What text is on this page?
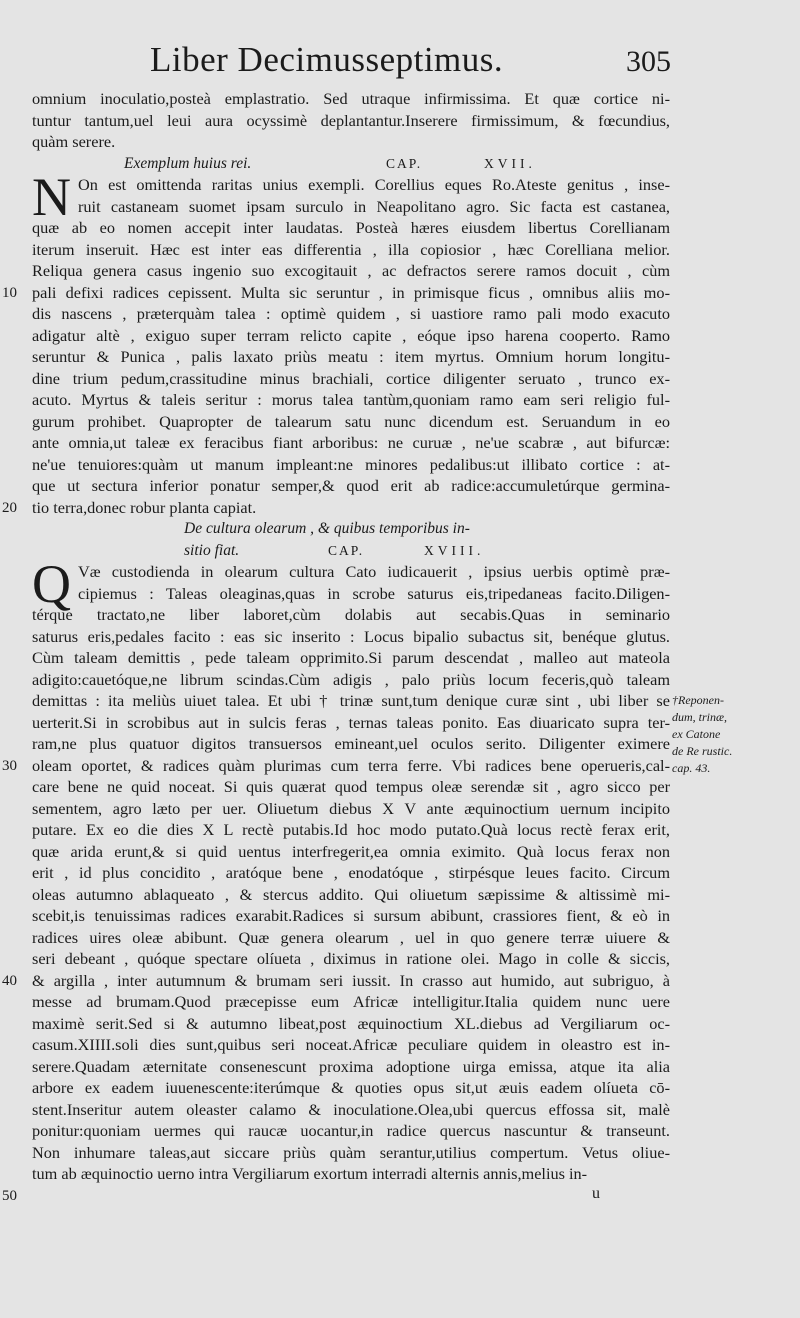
Liber Decimusseptimus.	305
omnium inoculatio,posteà emplastratio. Sed utraque infirmissima. Et quæ cortice ni-
tuntur tantum,uel leui aura ocyssimè deplantantur.Inserere firmissimum, & fœcundius,
quàm serere.
Exemplum huius rei.	CAP.	XVII.
N On est omittenda raritas unius exempli. Corellius eques Ro.Ateste genitus , inse-
ruit castaneam suomet ipsam surculo in Neapolitano agro. Sic facta est castanea,
quæ ab eo nomen accepit inter laudatas. Posteà hæres eiusdem libertus Corellianam
iterum inseruit. Hæc est inter eas differentia , illa copiosior , hæc Corelliana melior.
Reliqua genera casus ingenio suo excogitauit , ac defractos serere ramos docuit , cùm
pali defixi radices cepissent. Multa sic seruntur , in primisque ficus , omnibus aliis mo-
dis nascens , præterquàm talea : optimè quidem , si uastiore ramo pali modo exacuto
adigatur altè , exiguo super terram relicto capite , eóque ipso harena cooperto. Ramo
seruntur & Punica , palis laxato priùs meatu : item myrtus. Omnium horum longitu-
dine trium pedum,crassitudine minus brachiali, cortice diligenter seruato , trunco ex-
acuto. Myrtus & taleis seritur : morus talea tantùm,quoniam ramo eam seri religio ful-
gurum prohibet. Quapropter de talearum satu nunc dicendum est. Seruandum in eo
ante omnia,ut taleæ ex feracibus fiant arboribus: ne curuæ , ne'ue scabræ , aut bifurcæ:
ne'ue tenuiores:quàm ut manum impleant:ne minores pedalibus:ut illibato cortice : at-
que ut sectura inferior ponatur semper,& quod erit ab radice:accumuletúrque germina-
tio terra,donec robur planta capiat.
De cultura olearum , & quibus temporibus in-
sitio fiat.	CAP.	XVIII.
Q Væ custodienda in olearum cultura Cato iudicauerit , ipsius uerbis optimè præ-
cipiemus : Taleas oleaginas,quas in scrobe saturus eis,tripedaneas facito.Diligen-
térque tractato,ne liber laboret,cùm dolabis aut secabis.Quas in seminario
saturus eris,pedales facito : eas sic inserito : Locus bipalio subactus sit, benéque glutus.
Cùm taleam demittis , pede taleam opprimito.Si parum descendat , malleo aut mateola
adigito:cauetóque,ne librum scindas.Cùm adigis , palo priùs locum feceris,quò taleam
demittas : ita meliùs uiuet talea. Et ubi † trinæ sunt,tum denique curæ sint , ubi liber se
uerterit.Si in scrobibus aut in sulcis feras , ternas taleas ponito. Eas diuaricato supra ter-
ram,ne plus quatuor digitos transuersos emineant,uel oculos serito. Diligenter eximere
oleam oportet, & radices quàm plurimas cum terra ferre. Vbi radices bene operueris,cal-
care bene ne quid noceat. Si quis quærat quod tempus oleæ serendæ sit , agro sicco per
sementem, agro læto per uer. Oliuetum diebus X V ante æquinoctium uernum incipito
putare. Ex eo die dies X L rectè putabis.Id hoc modo putato.Quà locus rectè ferax erit,
quæ arida erunt,& si quid uentus interfregerit,ea omnia eximito. Quà locus ferax non
erit , id plus concidito , aratóque bene , enodatóque , stirpésque leues facito. Circum
oleas autumno ablaqueato , & stercus addito. Qui oliuetum sæpissime & altissimè mi-
scebit,is tenuissimas radices exarabit.Radices si sursum abibunt, crassiores fient, & eò in
radices uires oleæ abibunt. Quæ genera olearum , uel in quo genere terræ uiuere &
seri debeant , quóque spectare olíueta , diximus in ratione olei. Mago in colle & siccis,
& argilla , inter autumnum & brumam seri iussit. In crasso aut humido, aut subriguo, à
messe ad brumam.Quod præcepisse eum Africæ intelligitur.Italia quidem nunc uere
maximè serit.Sed si & autumno libeat,post æquinoctium XL.diebus ad Vergiliarum oc-
casum.XIIII.soli dies sunt,quibus seri noceat.Africæ peculiare quidem in oleastro est in-
serere.Quadam æternitate consenescunt proxima adoptione uirga emissa, atque ita alia
arbore ex eadem iuuenescente:iterúmque & quoties opus sit,ut æuis eadem olíueta cō-
stent.Inseritur autem oleaster calamo & inoculatione.Olea,ubi quercus effossa sit, malè
ponitur:quoniam uermes qui raucæ uocantur,in radice quercus nascuntur & transeunt.
Non inhumare taleas,aut siccare priùs quàm serantur,utilius compertum. Vetus oliue-
tum ab æquinoctio uerno intra Vergiliarum exortum interradi alternis annis,melius in-
10
20
30
40
50
†Reponen-
dum, trinæ,
ex Catone
de Re rustic.
cap. 43.
u
